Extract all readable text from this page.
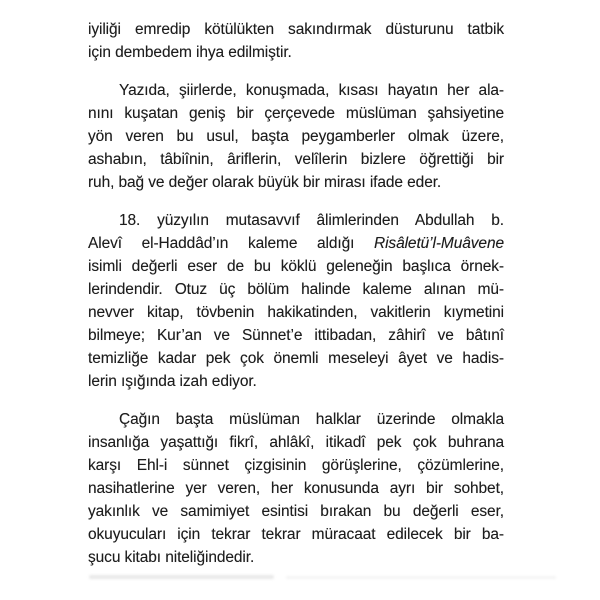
iyiliği emredip kötülükten sakındırmak düsturunu tatbik
için dembedem ihya edilmiştir.
Yazıda, şiirlerde, konuşmada, kısası hayatın her ala-
nını kuşatan geniş bir çerçevede müslüman şahsiyetine
yön veren bu usul, başta peygamberler olmak üzere,
ashabın, tâbiînin, âriflerin, velîlerin bizlere öğrettiği bir
ruh, bağ ve değer olarak büyük bir mirası ifade eder.
18. yüzyılın mutasavvıf âlimlerinden Abdullah b.
Alevî el-Haddâd’ın kaleme aldığı Risâletü’l-Muâvene
isimli değerli eser de bu köklü geleneğin başlıca örnek-
lerindendir. Otuz üç bölüm halinde kaleme alınan mü-
nevver kitap, tövbenin hakikatinden, vakitlerin kıymetini
bilmeye; Kur’an ve Sünnet’e ittibadan, zâhirî ve bâtınî
temizliğe kadar pek çok önemli meseleyi âyet ve hadis-
lerin ışığında izah ediyor.
Çağın başta müslüman halklar üzerinde olmakla
insanlığa yaşattığı fikrî, ahlâkî, itikadî pek çok buhrana
karşı Ehl-i sünnet çizgisinin görüşlerine, çözümlerine,
nasihatlerine yer veren, her konusunda ayrı bir sohbet,
yakınlık ve samimiyet esintisi bırakan bu değerli eser,
okuyucuları için tekrar tekrar müracaat edilecek bir ba-
şucu kitabı niteliğindedir.
